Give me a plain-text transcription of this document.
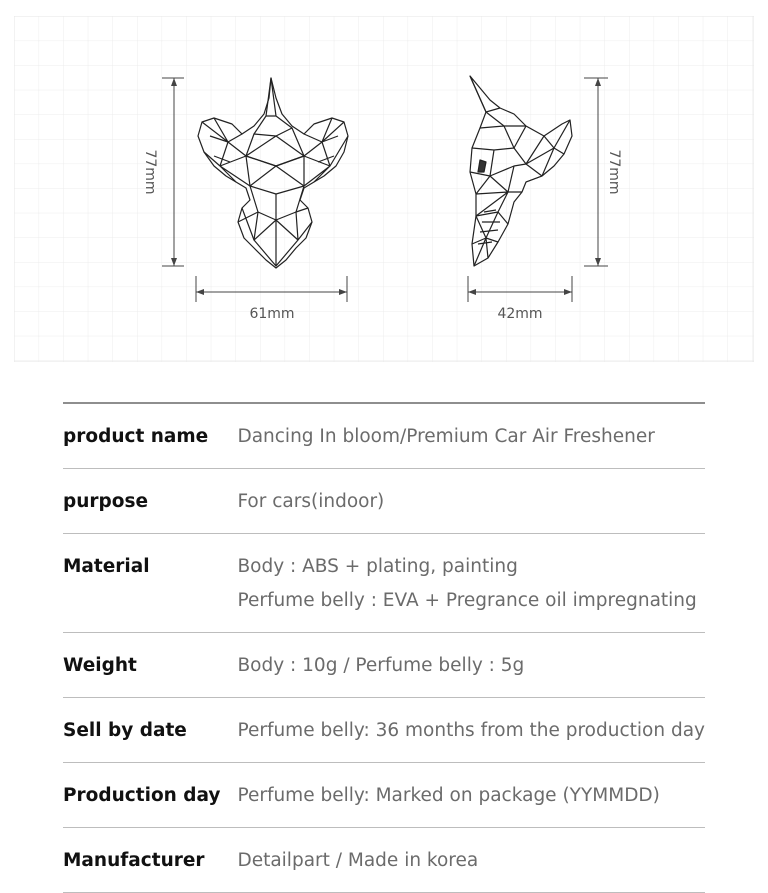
77mm
61mm
77mm
42mm
product name	Dancing In bloom/Premium Car Air Freshener

purpose	For cars(indoor)

Material	Body : ABS + plating, painting
Perfume belly : EVA + Pregrance oil impregnating

Weight	Body : 10g / Perfume belly : 5g

Sell by date	Perfume belly: 36 months from the production day

Production day	Perfume belly: Marked on package (YYMMDD)

Manufacturer	Detailpart / Made in korea
